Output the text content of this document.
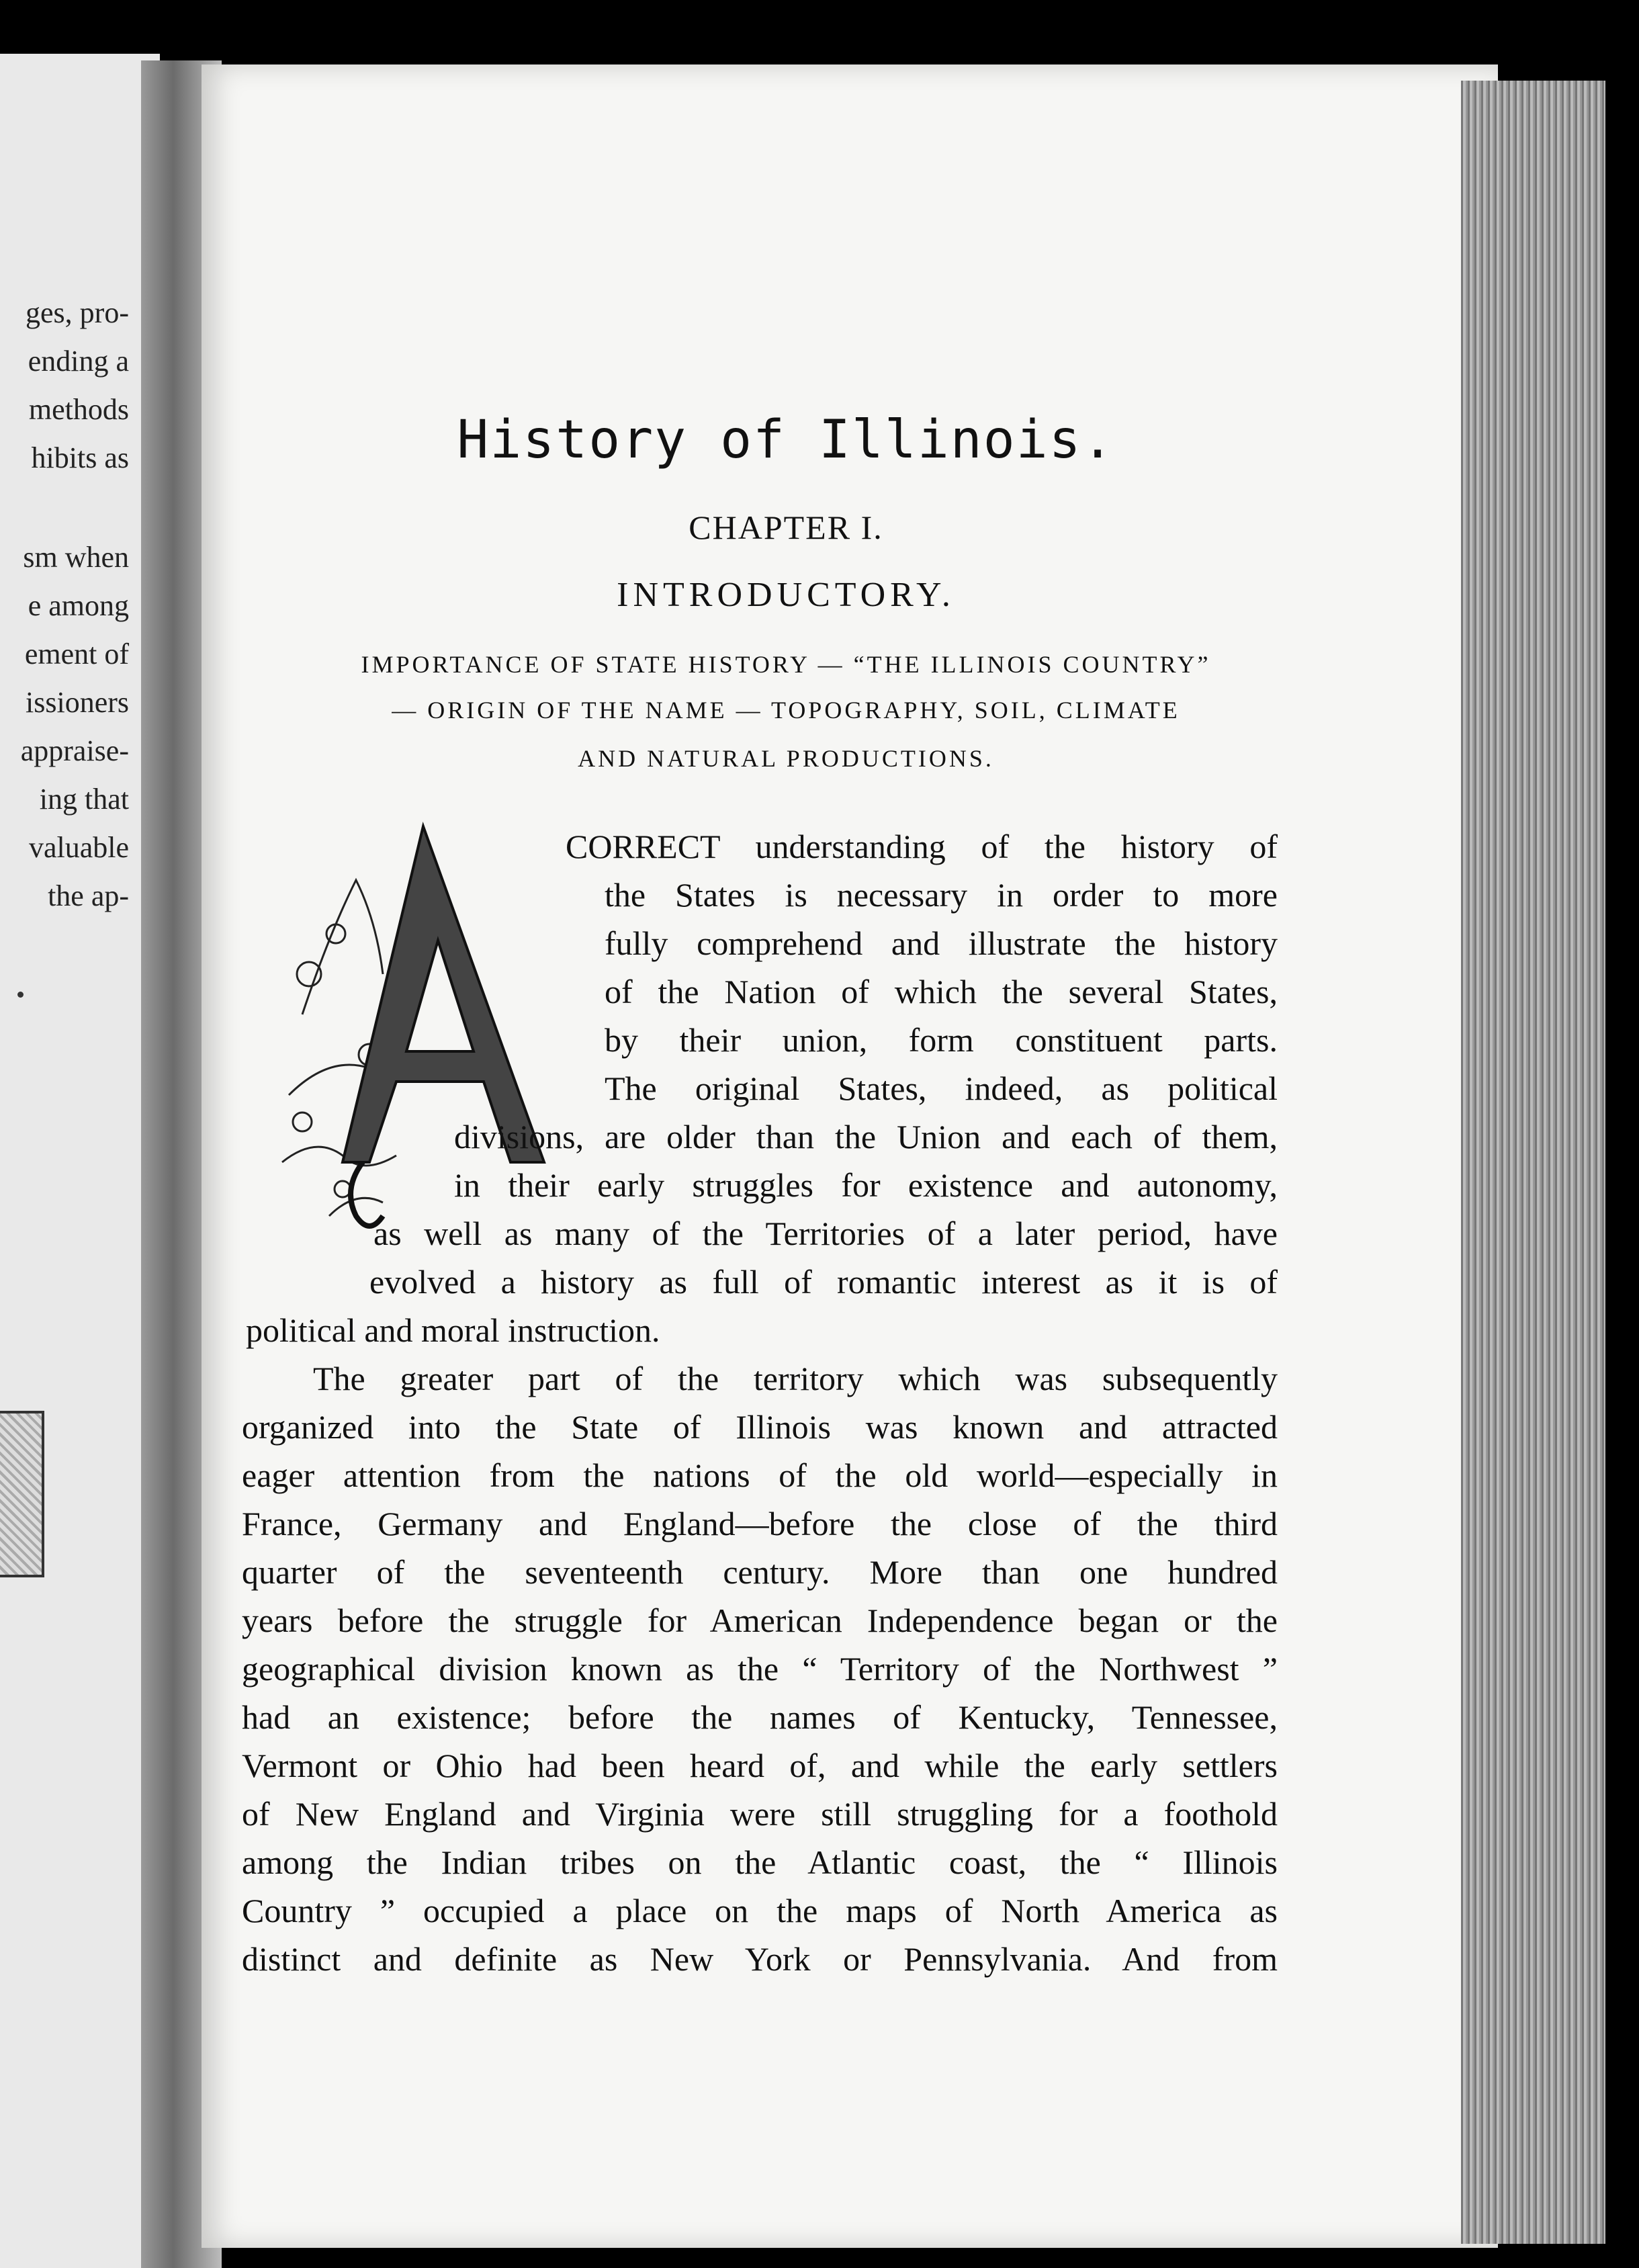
ges, pro-
ending a
methods
hibits as
sm when
e among
ement of
issioners
appraise-
ing that
valuable
the ap-
History of Illinois.
CHAPTER I.
INTRODUCTORY.
IMPORTANCE OF STATE HISTORY — “THE ILLINOIS COUNTRY”
— ORIGIN OF THE NAME — TOPOGRAPHY, SOIL, CLIMATE
AND NATURAL PRODUCTIONS.
A
CORRECT understanding of the history of
the States is necessary in order to more
fully comprehend and illustrate the history
of the Nation of which the several States,
by their union, form constituent parts.
The original States, indeed, as political
divisions, are older than the Union and each of them,
in their early struggles for existence and autonomy,
as well as many of the Territories of a later period, have
evolved a history as full of romantic interest as it is of
political and moral instruction.
The greater part of the territory which was subsequently
organized into the State of Illinois was known and attracted
eager attention from the nations of the old world—especially in
France, Germany and England—before the close of the third
quarter of the seventeenth century. More than one hundred
years before the struggle for American Independence began or the
geographical division known as the “ Territory of the Northwest ”
had an existence; before the names of Kentucky, Tennessee,
Vermont or Ohio had been heard of, and while the early settlers
of New England and Virginia were still struggling for a foothold
among the Indian tribes on the Atlantic coast, the “ Illinois
Country ” occupied a place on the maps of North America as
distinct and definite as New York or Pennsylvania. And from
